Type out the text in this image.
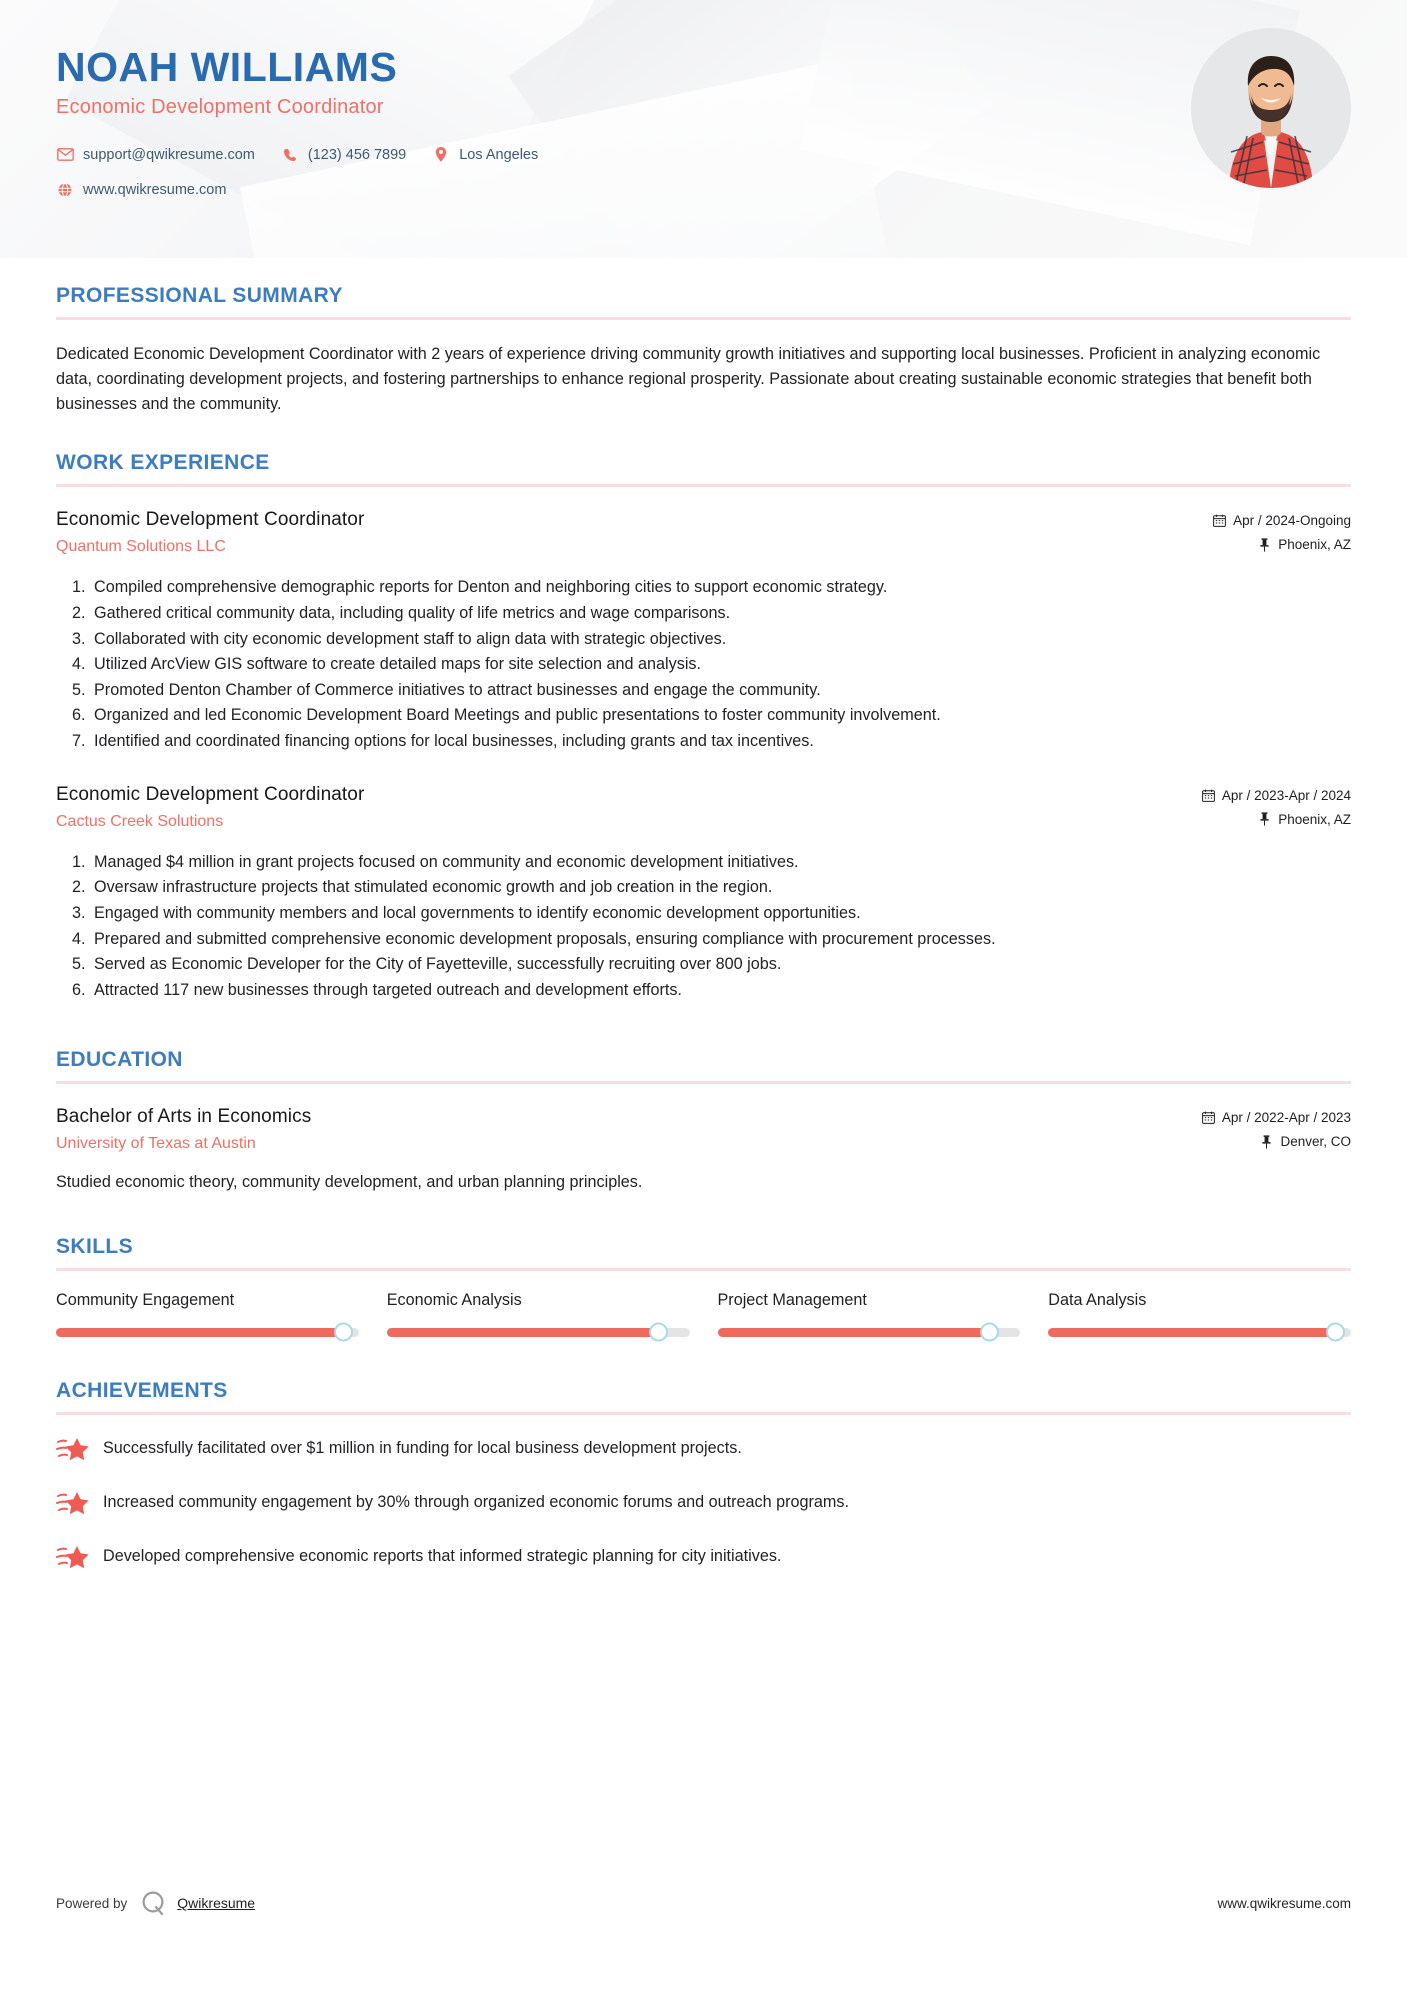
NOAH WILLIAMS
Economic Development Coordinator
support@qwikresume.com	(123) 456 7899	Los Angeles
www.qwikresume.com
PROFESSIONAL SUMMARY
Dedicated Economic Development Coordinator with 2 years of experience driving community growth initiatives and supporting local businesses. Proficient in analyzing economic data, coordinating development projects, and fostering partnerships to enhance regional prosperity. Passionate about creating sustainable economic strategies that benefit both businesses and the community.
WORK EXPERIENCE
Economic Development Coordinator
Quantum Solutions LLC
Apr / 2024-Ongoing
Phoenix, AZ
1. Compiled comprehensive demographic reports for Denton and neighboring cities to support economic strategy.
2. Gathered critical community data, including quality of life metrics and wage comparisons.
3. Collaborated with city economic development staff to align data with strategic objectives.
4. Utilized ArcView GIS software to create detailed maps for site selection and analysis.
5. Promoted Denton Chamber of Commerce initiatives to attract businesses and engage the community.
6. Organized and led Economic Development Board Meetings and public presentations to foster community involvement.
7. Identified and coordinated financing options for local businesses, including grants and tax incentives.
Economic Development Coordinator
Cactus Creek Solutions
Apr / 2023-Apr / 2024
Phoenix, AZ
1. Managed $4 million in grant projects focused on community and economic development initiatives.
2. Oversaw infrastructure projects that stimulated economic growth and job creation in the region.
3. Engaged with community members and local governments to identify economic development opportunities.
4. Prepared and submitted comprehensive economic development proposals, ensuring compliance with procurement processes.
5. Served as Economic Developer for the City of Fayetteville, successfully recruiting over 800 jobs.
6. Attracted 117 new businesses through targeted outreach and development efforts.
EDUCATION
Bachelor of Arts in Economics
University of Texas at Austin
Apr / 2022-Apr / 2023
Denver, CO
Studied economic theory, community development, and urban planning principles.
SKILLS
Community Engagement	Economic Analysis	Project Management	Data Analysis
ACHIEVEMENTS
Successfully facilitated over $1 million in funding for local business development projects.
Increased community engagement by 30% through organized economic forums and outreach programs.
Developed comprehensive economic reports that informed strategic planning for city initiatives.
Powered by	Qwikresume	www.qwikresume.com
